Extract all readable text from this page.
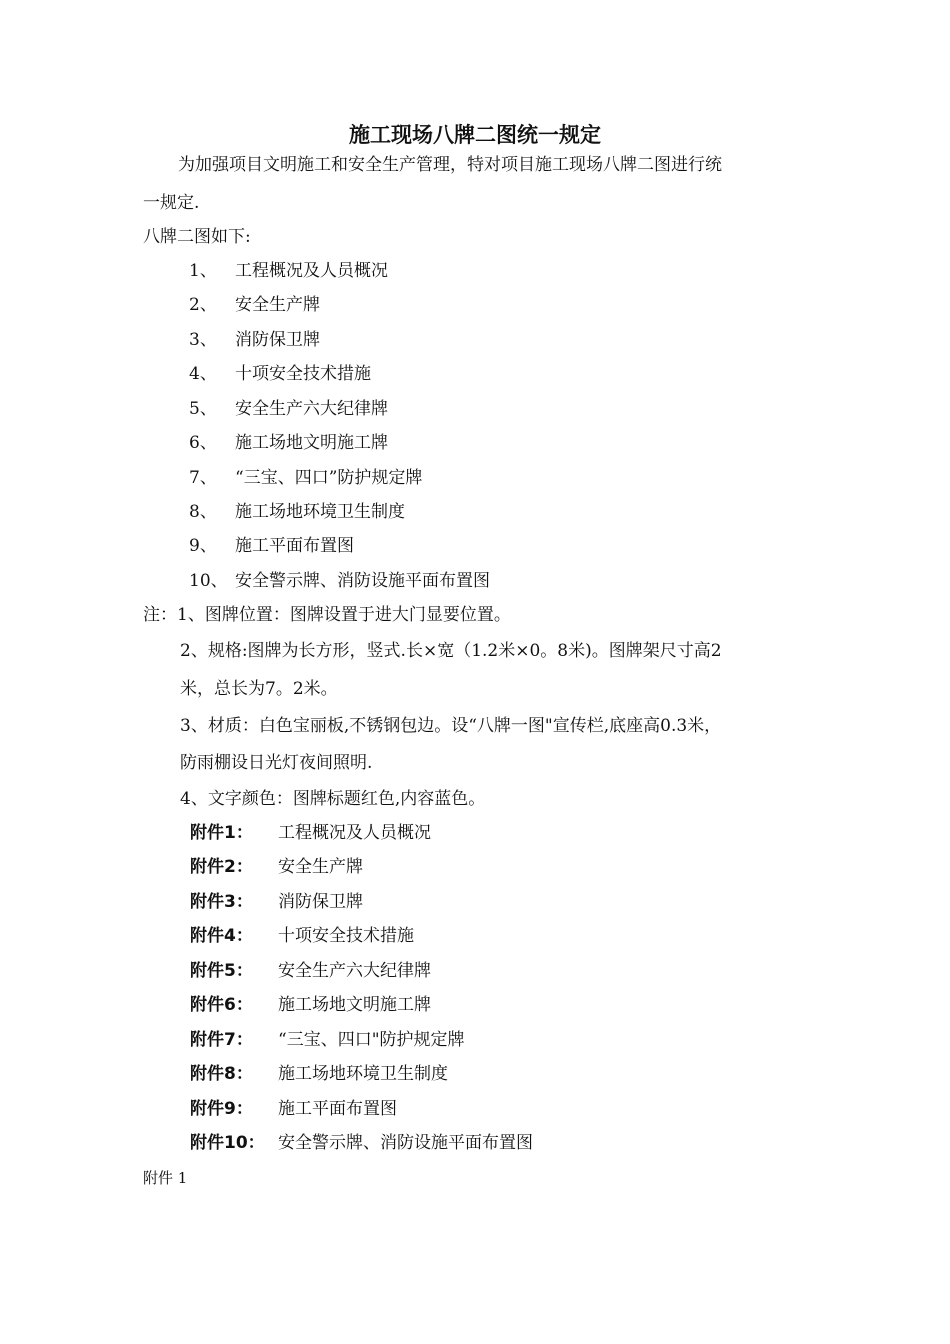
施工现场八牌二图统一规定
为加强项目文明施工和安全生产管理，特对项目施工现场八牌二图进行统
一规定.
八牌二图如下:
1、 工程概况及人员概况
2、 安全生产牌
3、 消防保卫牌
4、 十项安全技术措施
5、 安全生产六大纪律牌
6、 施工场地文明施工牌
7、 “三宝、四口”防护规定牌
8、 施工场地环境卫生制度
9、 施工平面布置图
10、 安全警示牌、消防设施平面布置图
注：1、图牌位置：图牌设置于进大门显要位置。
2、规格:图牌为长方形，竖式.长×宽（1.2米×0。8米)。图牌架尺寸高2
米，总长为7。2米。
3、材质：白色宝丽板,不锈钢包边。设“八牌一图"宣传栏,底座高0.3米，
防雨棚设日光灯夜间照明.
4、文字颜色：图牌标题红色,内容蓝色。
附件1： 工程概况及人员概况
附件2： 安全生产牌
附件3： 消防保卫牌
附件4： 十项安全技术措施
附件5： 安全生产六大纪律牌
附件6： 施工场地文明施工牌
附件7： “三宝、四口"防护规定牌
附件8： 施工场地环境卫生制度
附件9： 施工平面布置图
附件10： 安全警示牌、消防设施平面布置图
附件 1
